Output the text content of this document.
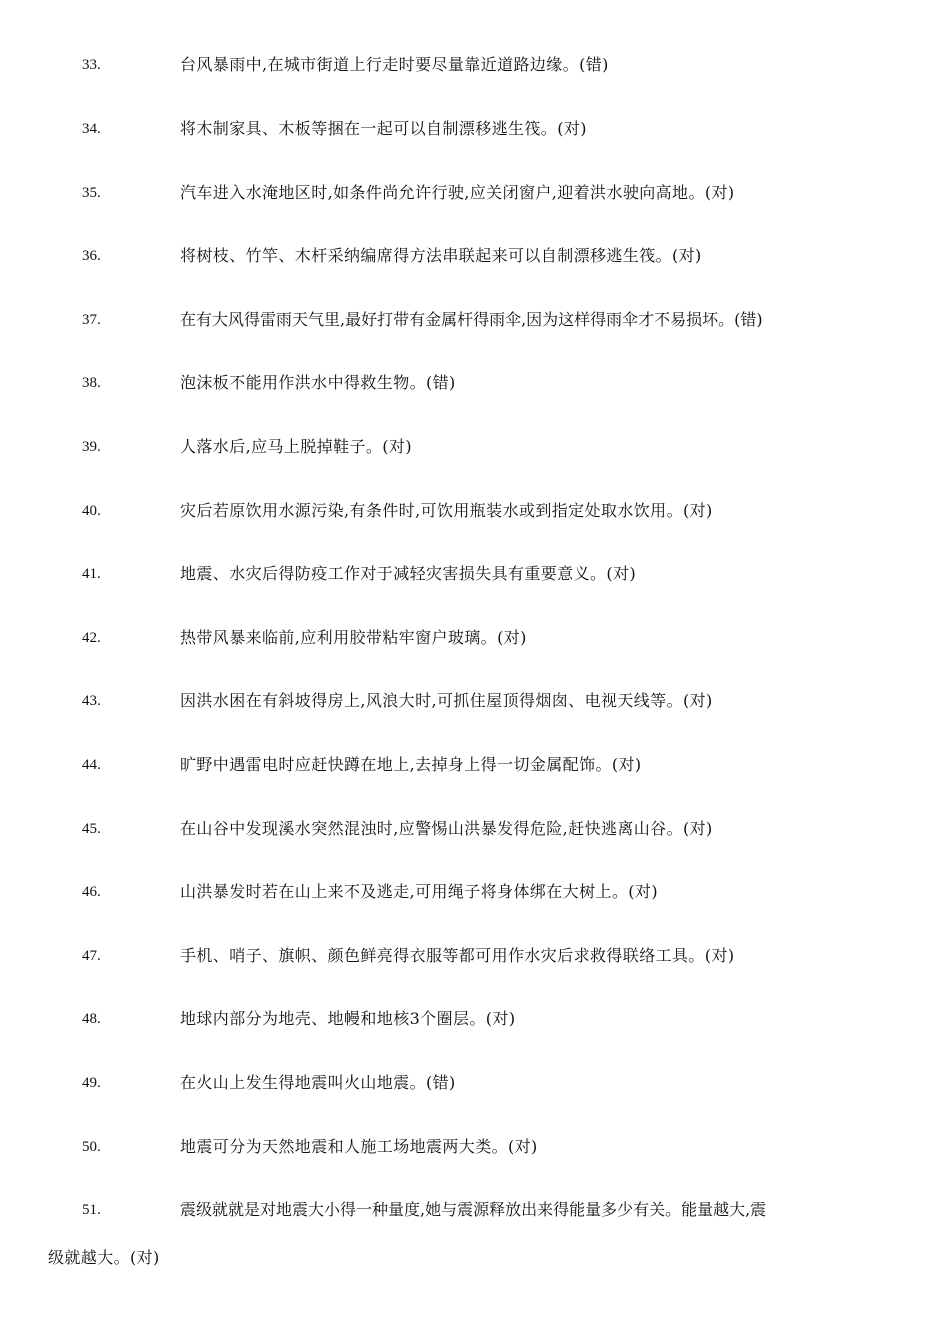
33.	台风暴雨中,在城市街道上行走时要尽量靠近道路边缘。(错)
34.	将木制家具、木板等捆在一起可以自制漂移逃生筏。(对)
35.	汽车进入水淹地区时,如条件尚允许行驶,应关闭窗户,迎着洪水驶向高地。(对)
36.	将树枝、竹竿、木杆采纳编席得方法串联起来可以自制漂移逃生筏。(对)
37.	在有大风得雷雨天气里,最好打带有金属杆得雨伞,因为这样得雨伞才不易损坏。(错)
38.	泡沫板不能用作洪水中得救生物。(错)
39.	人落水后,应马上脱掉鞋子。(对)
40.	灾后若原饮用水源污染,有条件时,可饮用瓶装水或到指定处取水饮用。(对)
41.	地震、水灾后得防疫工作对于减轻灾害损失具有重要意义。(对)
42.	热带风暴来临前,应利用胶带粘牢窗户玻璃。(对)
43.	因洪水困在有斜坡得房上,风浪大时,可抓住屋顶得烟囱、电视天线等。(对)
44.	旷野中遇雷电时应赶快蹲在地上,去掉身上得一切金属配饰。(对)
45.	在山谷中发现溪水突然混浊时,应警惕山洪暴发得危险,赶快逃离山谷。(对)
46.	山洪暴发时若在山上来不及逃走,可用绳子将身体绑在大树上。(对)
47.	手机、哨子、旗帜、颜色鲜亮得衣服等都可用作水灾后求救得联络工具。(对)
48.	地球内部分为地壳、地幔和地核3个圈层。(对)
49.	在火山上发生得地震叫火山地震。(错)
50.	地震可分为天然地震和人施工场地震两大类。(对)
51.	震级就就是对地震大小得一种量度,她与震源释放出来得能量多少有关。能量越大,震
级就越大。(对)
